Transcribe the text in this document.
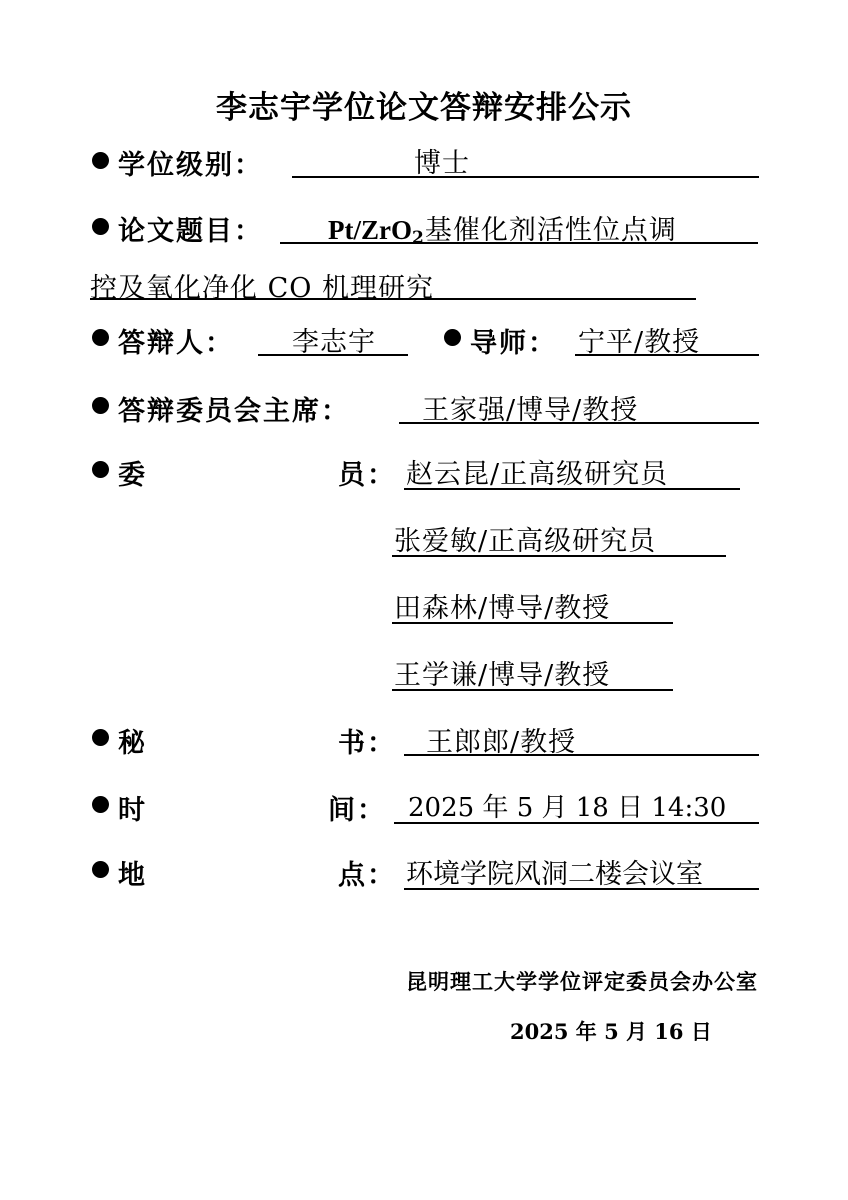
李志宇学位论文答辩安排公示
学位级别：	博士
论文题目： Pt/ZrO$_2$基催化剂活性位点调
控及氧化净化 CO 机理研究
答辩人： 李志宇	导师： 宁平/教授
答辩委员会主席：	王家强/博导/教授
委	员： 赵云昆/正高级研究员
张爱敏/正高级研究员
田森林/博导/教授
王学谦/博导/教授
秘	书： 王郎郎/教授
时	间： 2025 年 5 月 18 日 14:30
地	点： 环境学院风洞二楼会议室
昆明理工大学学位评定委员会办公室
2025 年 5 月 16 日
